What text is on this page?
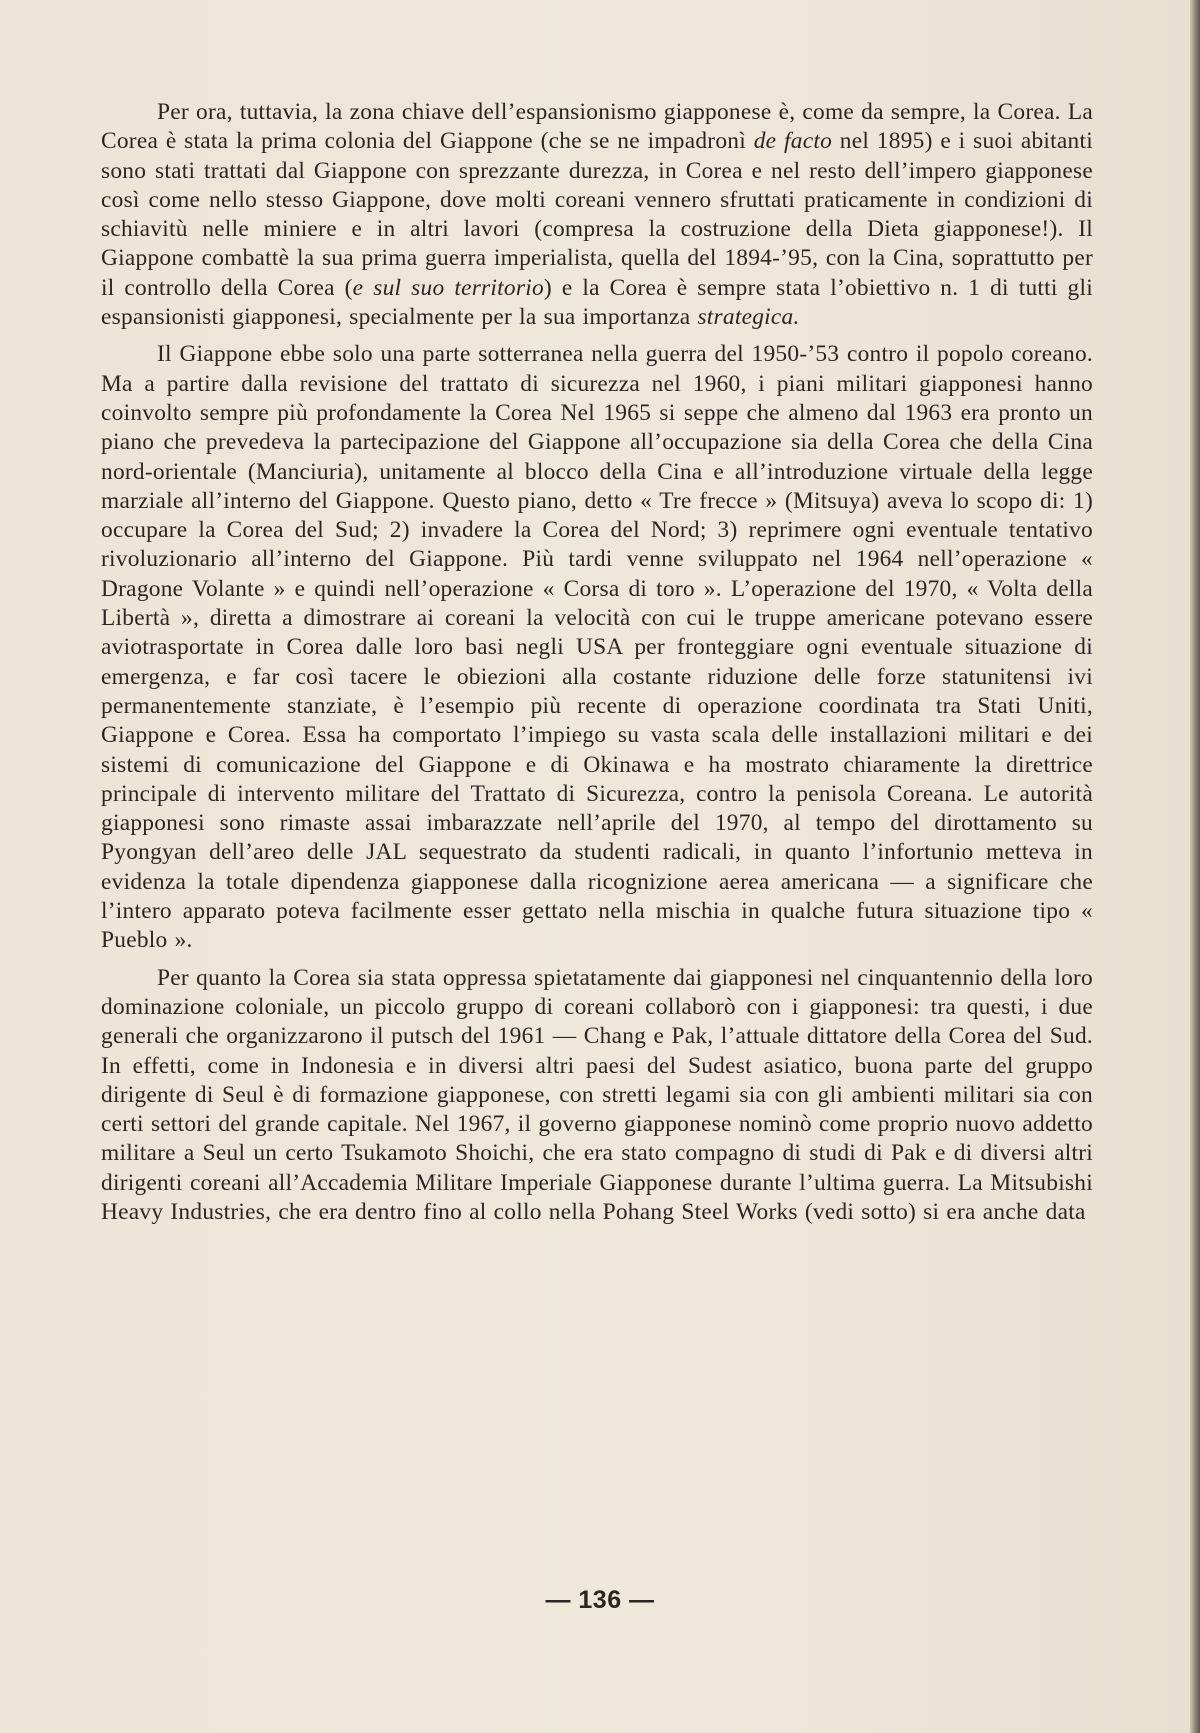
Per ora, tuttavia, la zona chiave dell’espansionismo giapponese è, come da sempre, la Corea. La Corea è stata la prima colonia del Giappone (che se ne impadronì de facto nel 1895) e i suoi abitanti sono stati trattati dal Giappone con sprezzante durezza, in Corea e nel resto dell’impero giapponese così come nello stesso Giappone, dove molti coreani vennero sfruttati praticamente in condizioni di schiavitù nelle miniere e in altri lavori (compresa la costruzione della Dieta giapponese!). Il Giappone combattè la sua prima guerra imperialista, quella del 1894-’95, con la Cina, soprattutto per il controllo della Corea (e sul suo territorio) e la Corea è sempre stata l’obiettivo n. 1 di tutti gli espansionisti giapponesi, specialmente per la sua importanza strategica.

Il Giappone ebbe solo una parte sotterranea nella guerra del 1950-’53 contro il popolo coreano. Ma a partire dalla revisione del trattato di sicurezza nel 1960, i piani militari giapponesi hanno coinvolto sempre più profondamente la Corea Nel 1965 si seppe che almeno dal 1963 era pronto un piano che prevedeva la partecipazione del Giappone all’occupazione sia della Corea che della Cina nord-orientale (Manciuria), unitamente al blocco della Cina e all’introduzione virtuale della legge marziale all’interno del Giappone. Questo piano, detto « Tre frecce » (Mitsuya) aveva lo scopo di: 1) occupare la Corea del Sud; 2) invadere la Corea del Nord; 3) reprimere ogni eventuale tentativo rivoluzionario all’interno del Giappone. Più tardi venne sviluppato nel 1964 nell’operazione « Dragone Volante » e quindi nell’operazione « Corsa di toro ». L’operazione del 1970, « Volta della Libertà », diretta a dimostrare ai coreani la velocità con cui le truppe americane potevano essere aviotrasportate in Corea dalle loro basi negli USA per fronteggiare ogni eventuale situazione di emergenza, e far così tacere le obiezioni alla costante riduzione delle forze statunitensi ivi permanentemente stanziate, è l’esempio più recente di operazione coordinata tra Stati Uniti, Giappone e Corea. Essa ha comportato l’impiego su vasta scala delle installazioni militari e dei sistemi di comunicazione del Giappone e di Okinawa e ha mostrato chiaramente la direttrice principale di intervento militare del Trattato di Sicurezza, contro la penisola Coreana. Le autorità giapponesi sono rimaste assai imbarazzate nell’aprile del 1970, al tempo del dirottamento su Pyongyan dell’areo delle JAL sequestrato da studenti radicali, in quanto l’infortunio metteva in evidenza la totale dipendenza giapponese dalla ricognizione aerea americana — a significare che l’intero apparato poteva facilmente esser gettato nella mischia in qualche futura situazione tipo « Pueblo ».

Per quanto la Corea sia stata oppressa spietatamente dai giapponesi nel cinquantennio della loro dominazione coloniale, un piccolo gruppo di coreani collaborò con i giapponesi: tra questi, i due generali che organizzarono il putsch del 1961 — Chang e Pak, l’attuale dittatore della Corea del Sud. In effetti, come in Indonesia e in diversi altri paesi del Sudest asiatico, buona parte del gruppo dirigente di Seul è di formazione giapponese, con stretti legami sia con gli ambienti militari sia con certi settori del grande capitale. Nel 1967, il governo giapponese nominò come proprio nuovo addetto militare a Seul un certo Tsukamoto Shoichi, che era stato compagno di studi di Pak e di diversi altri dirigenti coreani all’Accademia Militare Imperiale Giapponese durante l’ultima guerra. La Mitsubishi Heavy Industries, che era dentro fino al collo nella Pohang Steel Works (vedi sotto) si era anche data

— 136 —
